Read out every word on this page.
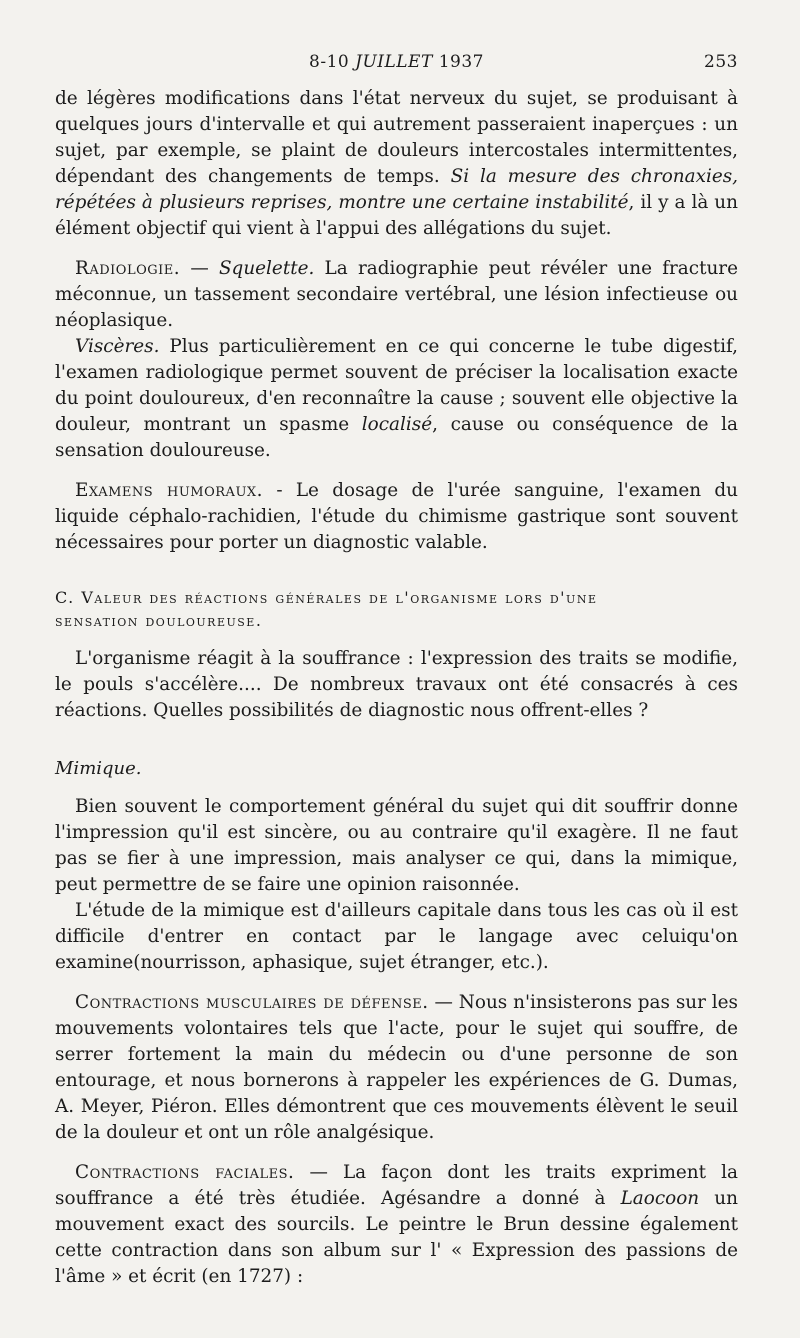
8-10 JUILLET 1937	253

de légères modifications dans l'état nerveux du sujet, se produisant à quelques jours d'intervalle et qui autrement passeraient inaperçues : un sujet, par exemple, se plaint de douleurs intercostales intermittentes, dépendant des changements de temps. Si la mesure des chronaxies, répétées à plusieurs reprises, montre une certaine instabilité, il y a là un élément objectif qui vient à l'appui des allégations du sujet.

Radiologie. — Squelette. La radiographie peut révéler une fracture méconnue, un tassement secondaire vertébral, une lésion infectieuse ou néoplasique.

Viscères. Plus particulièrement en ce qui concerne le tube digestif, l'examen radiologique permet souvent de préciser la localisation exacte du point douloureux, d'en reconnaître la cause ; souvent elle objective la douleur, montrant un spasme localisé, cause ou conséquence de la sensation douloureuse.

Examens humoraux. - Le dosage de l'urée sanguine, l'examen du liquide céphalo-rachidien, l'étude du chimisme gastrique sont souvent nécessaires pour porter un diagnostic valable.

C. Valeur des réactions générales de l'organisme lors d'une

sensation douloureuse.

L'organisme réagit à la souffrance : l'expression des traits se modifie, le pouls s'accélère.... De nombreux travaux ont été consacrés à ces réactions. Quelles possibilités de diagnostic nous offrent-elles ?

Mimique.

Bien souvent le comportement général du sujet qui dit souffrir donne l'impression qu'il est sincère, ou au contraire qu'il exagère. Il ne faut pas se fier à une impression, mais analyser ce qui, dans la mimique, peut permettre de se faire une opinion raisonnée.

L'étude de la mimique est d'ailleurs capitale dans tous les cas où il est difficile d'entrer en contact par le langage avec celuiqu'on examine(nourrisson, aphasique, sujet étranger, etc.).

Contractions musculaires de défense. — Nous n'insisterons pas sur les mouvements volontaires tels que l'acte, pour le sujet qui souffre, de serrer fortement la main du médecin ou d'une personne de son entourage, et nous bornerons à rappeler les expériences de G. Dumas, A. Meyer, Piéron. Elles démontrent que ces mouvements élèvent le seuil de la douleur et ont un rôle analgésique.

Contractions faciales. — La façon dont les traits expriment la souffrance a été très étudiée. Agésandre a donné à Laocoon un mouvement exact des sourcils. Le peintre le Brun dessine également cette contraction dans son album sur l' « Expression des passions de l'âme » et écrit (en 1727) :
